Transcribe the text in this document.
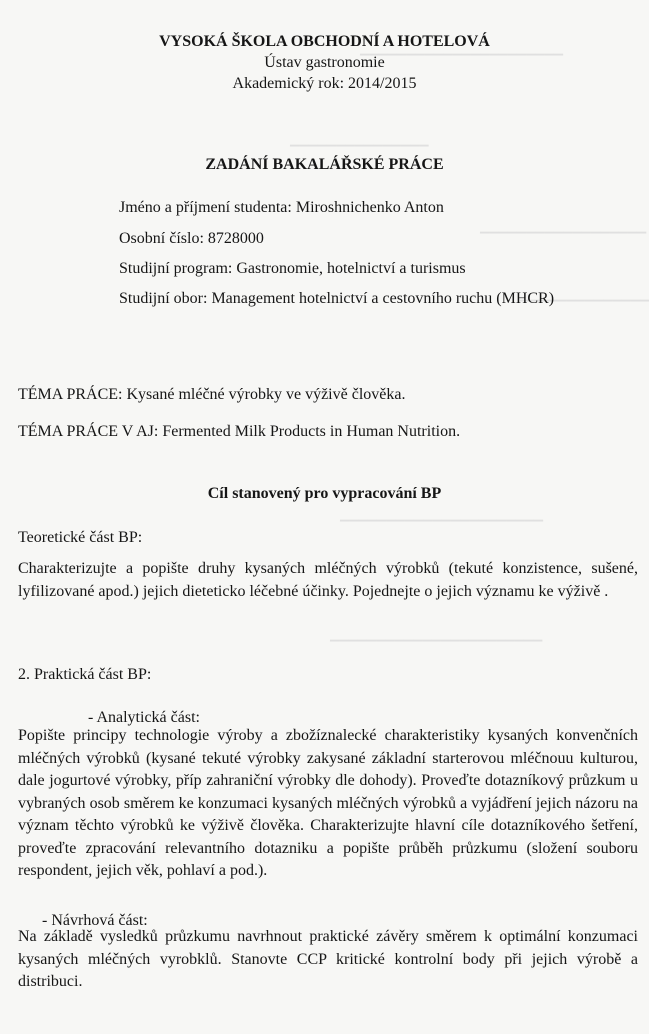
▔▔▔▔▔▔▔▔▔▔▔▔▔▔▔▔▔▔▔▔▔▔
▔▔▔▔▔▔▔▔▔▔▔▔▔▔▔
▔▔▔▔▔▔▔▔▔▔▔▔▔▔▔▔▔▔
▔▔▔▔▔▔▔▔▔▔▔▔▔▔
▔▔▔▔▔▔▔▔▔▔▔▔▔▔▔▔▔▔▔▔▔▔
▔▔▔▔▔▔▔▔▔▔▔▔▔▔▔▔▔▔▔▔▔▔▔
VYSOKÁ ŠKOLA OBCHODNÍ A HOTELOVÁ
Ústav gastronomie
Akademický rok: 2014/2015
ZADÁNÍ BAKALÁŘSKÉ PRÁCE
Jméno a příjmení studenta: Miroshnichenko Anton
Osobní číslo: 8728000
Studijní program: Gastronomie, hotelnictví a turismus
Studijní obor: Management hotelnictví a cestovního ruchu (MHCR)
TÉMA PRÁCE: Kysané mléčné výrobky ve výživě člověka.
TÉMA PRÁCE V AJ: Fermented Milk Products in Human Nutrition.
Cíl stanovený pro vypracování BP
Teoretické část BP:
Charakterizujte a popište druhy kysaných mléčných výrobků (tekuté konzistence, sušené, lyfilizované apod.) jejich dieteticko léčebné účinky. Pojednejte o jejich významu ke výživě .
2. Praktická část BP:
- Analytická část:
Popište principy technologie výroby a zbožíznalecké charakteristiky kysaných konvenčních mléčných výrobků (kysané tekuté výrobky zakysané základní starterovou mléčnouu kulturou, dale jogurtové výrobky, příp zahraniční výrobky dle dohody). Proveďte dotazníkový průzkum u vybraných osob směrem ke konzumaci kysaných mléčných výrobků a vyjádření jejich názoru na význam těchto výrobků ke výživě člověka. Charakterizujte hlavní cíle dotazníkového šetření, proveďte zpracování relevantního dotazniku a popište průběh průzkumu (složení souboru respondent, jejich věk, pohlaví a pod.).
- Návrhová část:
Na základě vysledků průzkumu navrhnout praktické závěry směrem k optimální konzumaci kysaných mléčných vyrobklů. Stanovte CCP kritické kontrolní body při jejich výrobě a distribuci.
